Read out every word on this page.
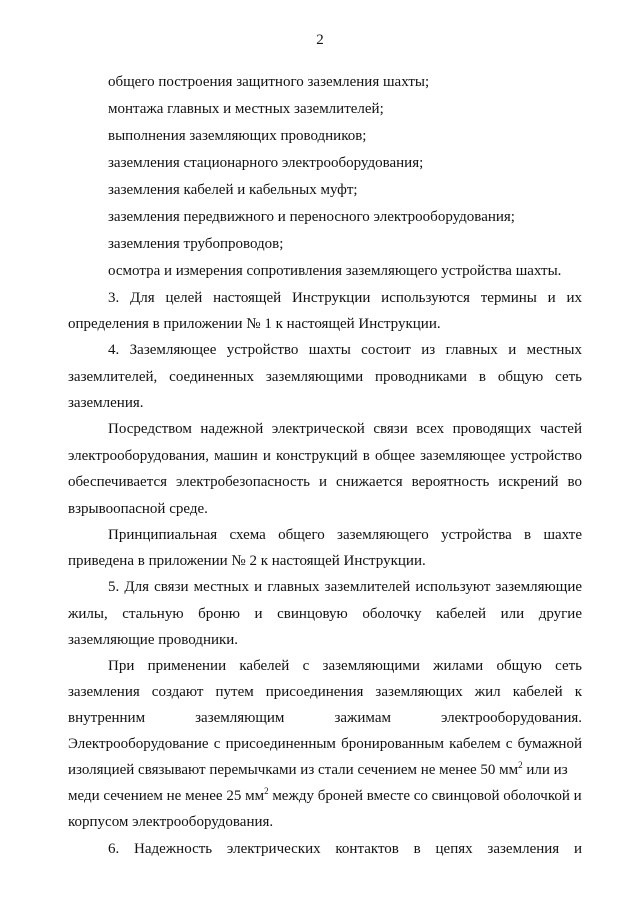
2
общего построения защитного заземления шахты;
монтажа главных и местных заземлителей;
выполнения заземляющих проводников;
заземления стационарного электрооборудования;
заземления кабелей и кабельных муфт;
заземления передвижного и переносного электрооборудования;
заземления трубопроводов;
осмотра и измерения сопротивления заземляющего устройства шахты.
3. Для целей настоящей Инструкции используются термины и их
определения в приложении № 1 к настоящей Инструкции.
4. Заземляющее устройство шахты состоит из главных и местных
заземлителей, соединенных заземляющими проводниками в общую сеть
заземления.
Посредством надежной электрической связи всех проводящих частей
электрооборудования, машин и конструкций в общее заземляющее устройство
обеспечивается электробезопасность и снижается вероятность искрений во
взрывоопасной среде.
Принципиальная схема общего заземляющего устройства в шахте
приведена в приложении № 2 к настоящей Инструкции.
5. Для связи местных и главных заземлителей используют заземляющие
жилы, стальную броню и свинцовую оболочку кабелей или другие
заземляющие проводники.
При применении кабелей с заземляющими жилами общую сеть
заземления создают путем присоединения заземляющих жил кабелей к
внутренним заземляющим зажимам электрооборудования.
Электрооборудование с присоединенным бронированным кабелем с бумажной
изоляцией связывают перемычками из стали сечением не менее 50 $мм^2$ или из
меди сечением не менее 25 $мм^2$ между броней вместе со свинцовой оболочкой и
корпусом электрооборудования.
6. Надежность электрических контактов в цепях заземления и
